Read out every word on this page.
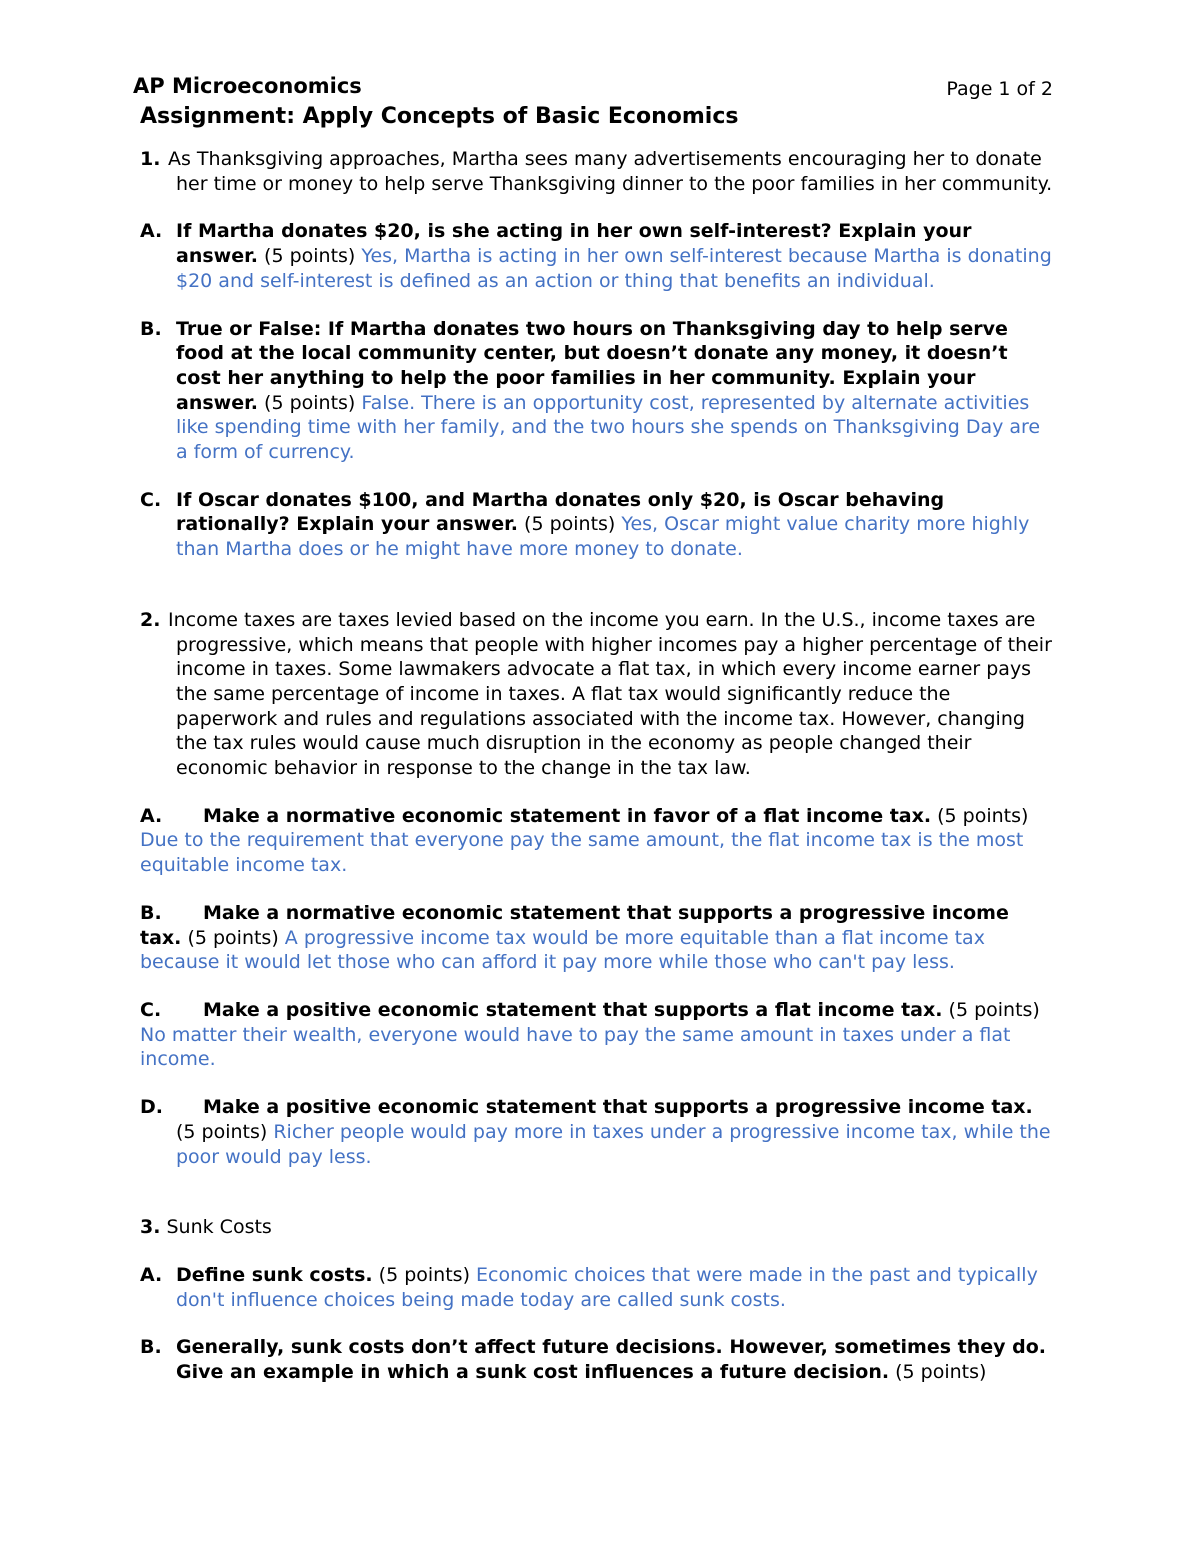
AP Microeconomics	Page 1 of 2
Assignment: Apply Concepts of Basic Economics

1. As Thanksgiving approaches, Martha sees many advertisements encouraging her to donate her time or money to help serve Thanksgiving dinner to the poor families in her community.

A. If Martha donates $20, is she acting in her own self-interest? Explain your answer. (5 points) Yes, Martha is acting in her own self-interest because Martha is donating $20 and self-interest is defined as an action or thing that benefits an individual.

B. True or False: If Martha donates two hours on Thanksgiving day to help serve food at the local community center, but doesn’t donate any money, it doesn’t cost her anything to help the poor families in her community. Explain your answer. (5 points) False. There is an opportunity cost, represented by alternate activities like spending time with her family, and the two hours she spends on Thanksgiving Day are a form of currency.

C. If Oscar donates $100, and Martha donates only $20, is Oscar behaving rationally? Explain your answer. (5 points) Yes, Oscar might value charity more highly than Martha does or he might have more money to donate.

2. Income taxes are taxes levied based on the income you earn. In the U.S., income taxes are progressive, which means that people with higher incomes pay a higher percentage of their income in taxes. Some lawmakers advocate a flat tax, in which every income earner pays the same percentage of income in taxes. A flat tax would significantly reduce the paperwork and rules and regulations associated with the income tax. However, changing the tax rules would cause much disruption in the economy as people changed their economic behavior in response to the change in the tax law.

A. Make a normative economic statement in favor of a flat income tax. (5 points) Due to the requirement that everyone pay the same amount, the flat income tax is the most equitable income tax.

B. Make a normative economic statement that supports a progressive income tax. (5 points) A progressive income tax would be more equitable than a flat income tax because it would let those who can afford it pay more while those who can't pay less.

C. Make a positive economic statement that supports a flat income tax. (5 points) No matter their wealth, everyone would have to pay the same amount in taxes under a flat income.

D. Make a positive economic statement that supports a progressive income tax. (5 points) Richer people would pay more in taxes under a progressive income tax, while the poor would pay less.

3. Sunk Costs

A. Define sunk costs. (5 points) Economic choices that were made in the past and typically don't influence choices being made today are called sunk costs.

B. Generally, sunk costs don’t affect future decisions. However, sometimes they do. Give an example in which a sunk cost influences a future decision. (5 points)
